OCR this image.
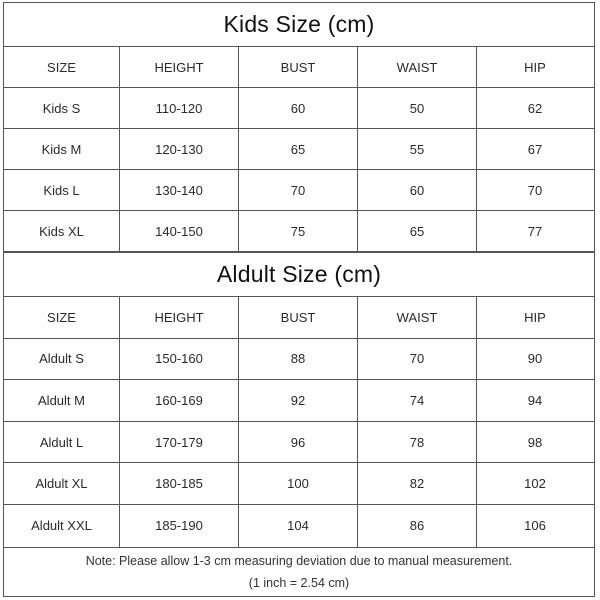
Kids Size (cm)
SIZE	HEIGHT	BUST	WAIST	HIP
Kids S	110-120	60	50	62
Kids M	120-130	65	55	67
Kids L	130-140	70	60	70
Kids XL	140-150	75	65	77
Aldult Size (cm)
SIZE	HEIGHT	BUST	WAIST	HIP
Aldult S	150-160	88	70	90
Aldult M	160-169	92	74	94
Aldult L	170-179	96	78	98
Aldult XL	180-185	100	82	102
Aldult XXL	185-190	104	86	106
Note: Please allow 1-3 cm measuring deviation due to manual measurement.
(1 inch = 2.54 cm)
